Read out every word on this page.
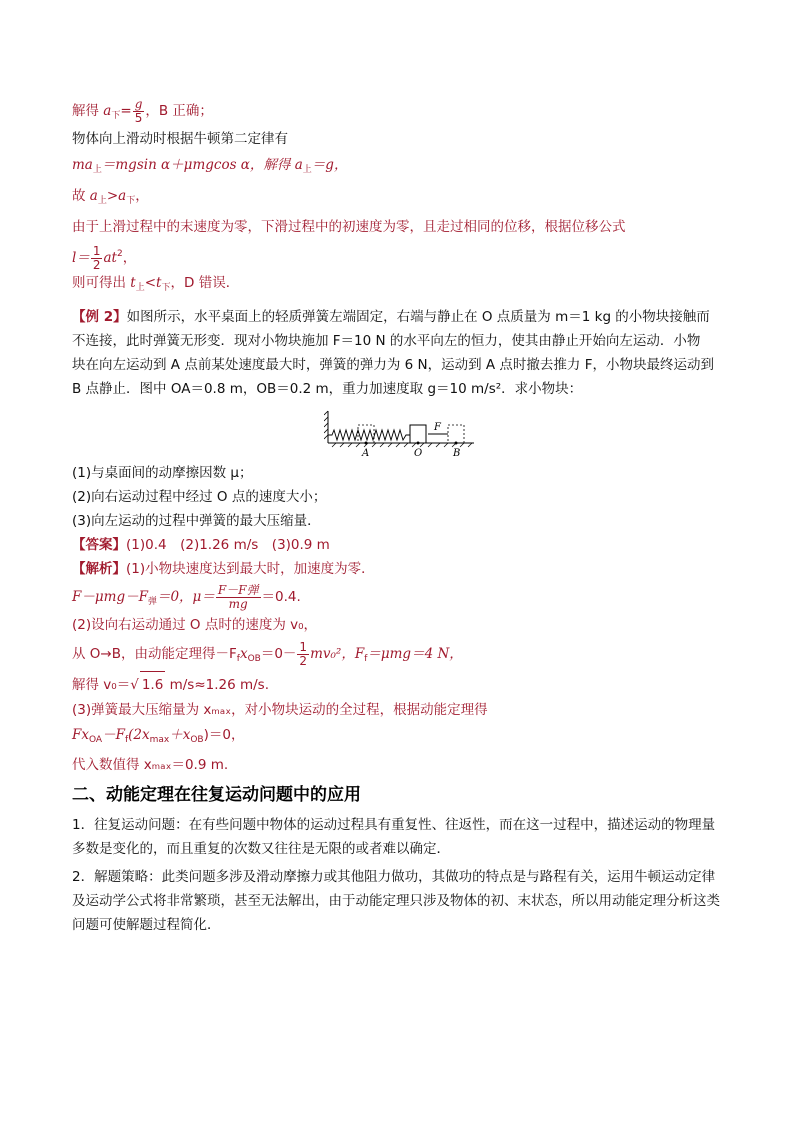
解得 $a_下= \frac{g}{5}$ ，B 正确；

物体向上滑动时根据牛顿第二定律有

$ma_上=mgsin$ α＋μmgcos α，解得 $a_上=g$，

故 $a_上>a_下$，

由于上滑过程中的末速度为零，下滑过程中的初速度为零，且走过相同的位移，根据位移公式

$l= \frac{1}{2} at^2$，

则可得出 $t_上<t_下$，D 错误．

【例 2】如图所示，水平桌面上的轻质弹簧左端固定，右端与静止在 O 点质量为 m＝1 kg 的小物块接触而

不连接，此时弹簧无形变．现对小物块施加 F＝10 N 的水平向左的恒力，使其由静止开始向左运动．小物

块在向左运动到 A 点前某处速度最大时，弹簧的弹力为 6 N，运动到 A 点时撤去推力 F，小物块最终运动到

B 点静止．图中 OA＝0.8 m，OB＝0.2 m，重力加速度取 g＝10 m/s²．求小物块：

A	O	B
F

(1)与桌面间的动摩擦因数 μ；

(2)向右运动过程中经过 O 点的速度大小；

(3)向左运动的过程中弹簧的最大压缩量．

【答案】(1)0.4　(2)1.26 m/s　(3)0.9 m

【解析】(1)小物块速度达到最大时，加速度为零．

$F-\mu mg-F_弹=0$，$\mu= \frac{\text{F－F弹}}{mg} =0.4$.

(2)设向右运动通过 O 点时的速度为 v₀，

从 O→B，由动能定理得$-F_fx_{OB}=0- \frac{1}{2} mv_0^2$，$F_f=\mu mg=4$ N，

解得 v₀＝√ 1.6 m/s≈1.26 m/s.

(3)弹簧最大压缩量为 xₘₐₓ，对小物块运动的全过程，根据动能定理得

$Fx_{OA}-F_f(2x_{max}+x_{OB})=0$，

代入数值得 xₘₐₓ＝0.9 m.

二、动能定理在往复运动问题中的应用

1．往复运动问题：在有些问题中物体的运动过程具有重复性、往返性，而在这一过程中，描述运动的物理量多数是变化的，而且重复的次数又往往是无限的或者难以确定．

2．解题策略：此类问题多涉及滑动摩擦力或其他阻力做功，其做功的特点是与路程有关，运用牛顿运动定律及运动学公式将非常繁琐，甚至无法解出，由于动能定理只涉及物体的初、末状态，所以用动能定理分析这类问题可使解题过程简化．
